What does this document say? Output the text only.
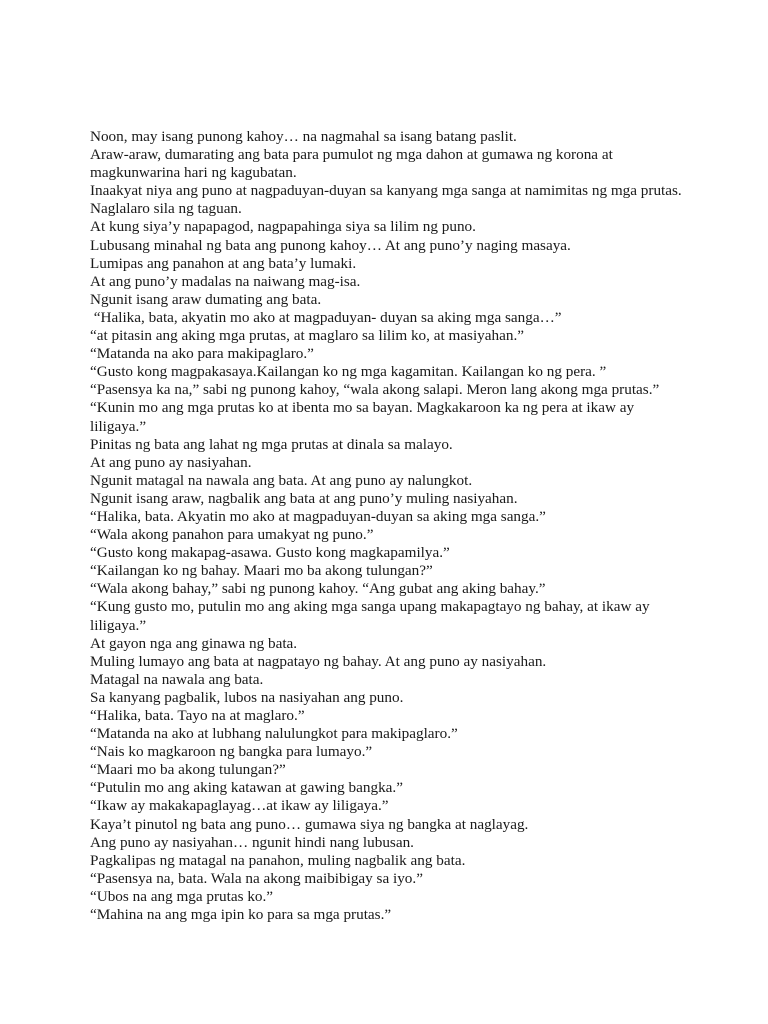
Noon, may isang punong kahoy… na nagmahal sa isang batang paslit.
Araw-araw, dumarating ang bata para pumulot ng mga dahon at gumawa ng korona at magkunwarina hari ng kagubatan.
Inaakyat niya ang puno at nagpaduyan-duyan sa kanyang mga sanga at namimitas ng mga prutas.
Naglalaro sila ng taguan.
At kung siya’y napapagod, nagpapahinga siya sa lilim ng puno.
Lubusang minahal ng bata ang punong kahoy… At ang puno’y naging masaya.
Lumipas ang panahon at ang bata’y lumaki.
At ang puno’y madalas na naiwang mag-isa.
Ngunit isang araw dumating ang bata.
“Halika, bata, akyatin mo ako at magpaduyan- duyan sa aking mga sanga…”
“at pitasin ang aking mga prutas, at maglaro sa lilim ko, at masiyahan.”
“Matanda na ako para makipaglaro.”
“Gusto kong magpakasaya.Kailangan ko ng mga kagamitan. Kailangan ko ng pera. ”
“Pasensya ka na,” sabi ng punong kahoy, “wala akong salapi. Meron lang akong mga prutas.”
“Kunin mo ang mga prutas ko at ibenta mo sa bayan. Magkakaroon ka ng pera at ikaw ay liligaya.”
Pinitas ng bata ang lahat ng mga prutas at dinala sa malayo.
At ang puno ay nasiyahan.
Ngunit matagal na nawala ang bata. At ang puno ay nalungkot.
Ngunit isang araw, nagbalik ang bata at ang puno’y muling nasiyahan.
“Halika, bata. Akyatin mo ako at magpaduyan-duyan sa aking mga sanga.”
“Wala akong panahon para umakyat ng puno.”
“Gusto kong makapag-asawa. Gusto kong magkapamilya.”
“Kailangan ko ng bahay. Maari mo ba akong tulungan?”
“Wala akong bahay,” sabi ng punong kahoy. “Ang gubat ang aking bahay.”
“Kung gusto mo, putulin mo ang aking mga sanga upang makapagtayo ng bahay, at ikaw ay liligaya.”
At gayon nga ang ginawa ng bata.
Muling lumayo ang bata at nagpatayo ng bahay. At ang puno ay nasiyahan.
Matagal na nawala ang bata.
Sa kanyang pagbalik, lubos na nasiyahan ang puno.
“Halika, bata. Tayo na at maglaro.”
“Matanda na ako at lubhang nalulungkot para makipaglaro.”
“Nais ko magkaroon ng bangka para lumayo.”
“Maari mo ba akong tulungan?”
“Putulin mo ang aking katawan at gawing bangka.”
“Ikaw ay makakapaglayag…at ikaw ay liligaya.”
Kaya’t pinutol ng bata ang puno… gumawa siya ng bangka at naglayag.
Ang puno ay nasiyahan… ngunit hindi nang lubusan.
Pagkalipas ng matagal na panahon, muling nagbalik ang bata.
“Pasensya na, bata. Wala na akong maibibigay sa iyo.”
“Ubos na ang mga prutas ko.”
“Mahina na ang mga ipin ko para sa mga prutas.”
